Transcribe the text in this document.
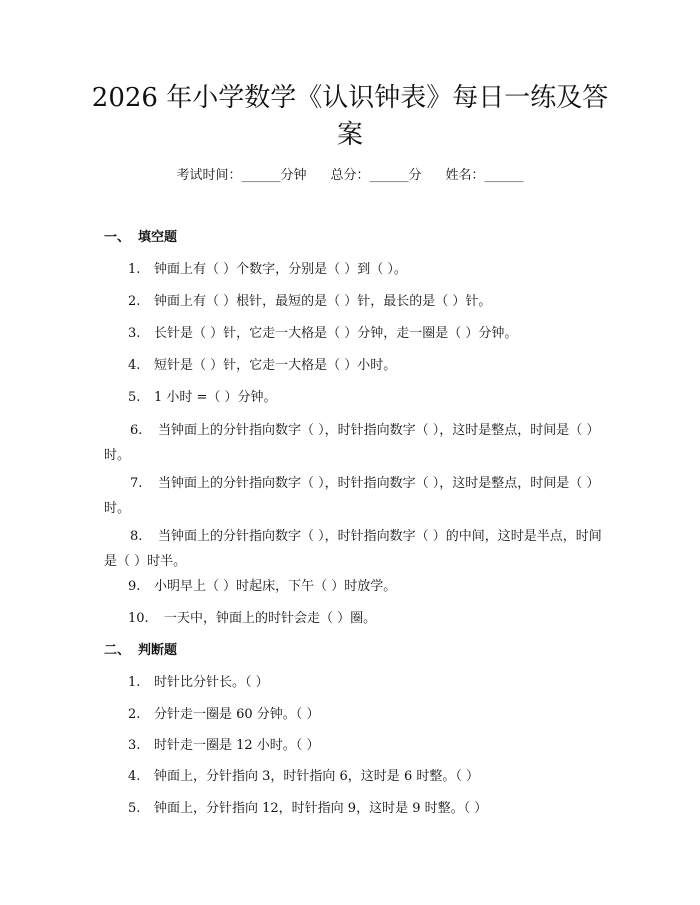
2026 年小学数学《认识钟表》每日一练及答
案
考试时间：______分钟 总分：______分 姓名：______
一、 填空题
1. 钟面上有（ ）个数字，分别是（ ）到（ ）。
2. 钟面上有（ ）根针，最短的是（ ）针，最长的是（ ）针。
3. 长针是（ ）针，它走一大格是（ ）分钟，走一圈是（ ）分钟。
4. 短针是（ ）针，它走一大格是（ ）小时。
5. 1 小时 =（ ）分钟。
6. 当钟面上的分针指向数字（ ），时针指向数字（ ），这时是整点，时间是（ ）时。
7. 当钟面上的分针指向数字（ ），时针指向数字（ ），这时是整点，时间是（ ）时。
8. 当钟面上的分针指向数字（ ），时针指向数字（ ）的中间，这时是半点，时间是（ ）时半。
9. 小明早上（ ）时起床，下午（ ）时放学。
10. 一天中，钟面上的时针会走（ ）圈。
二、 判断题
1. 时针比分针长。（ ）
2. 分针走一圈是 60 分钟。（ ）
3. 时针走一圈是 12 小时。（ ）
4. 钟面上，分针指向 3，时针指向 6，这时是 6 时整。（ ）
5. 钟面上，分针指向 12，时针指向 9，这时是 9 时整。（ ）
